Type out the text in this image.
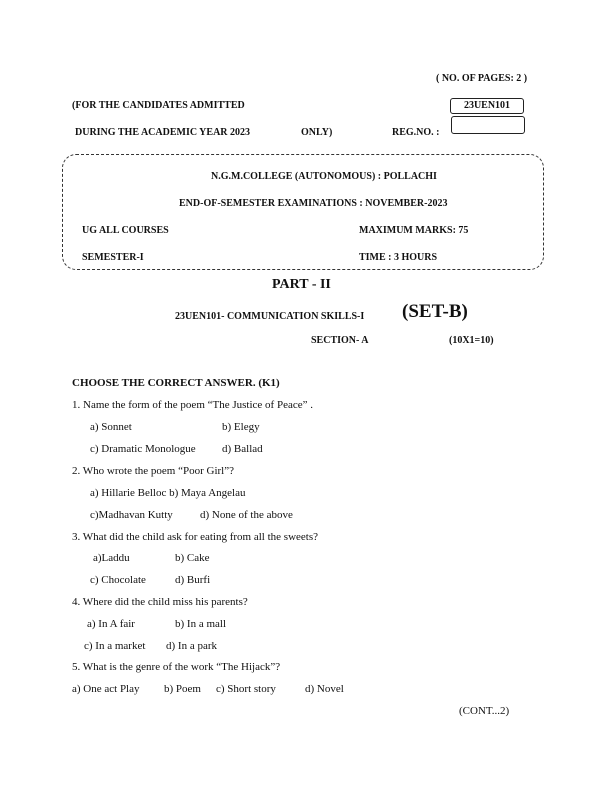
( NO. OF PAGES: 2 )
(FOR THE CANDIDATES ADMITTED	23UEN101
DURING THE ACADEMIC YEAR 2023	ONLY)	REG.NO. :
N.G.M.COLLEGE (AUTONOMOUS) : POLLACHI
END-OF-SEMESTER EXAMINATIONS : NOVEMBER-2023
UG ALL COURSES	MAXIMUM MARKS: 75
SEMESTER-I	TIME : 3 HOURS
PART - II
23UEN101- COMMUNICATION SKILLS-I (SET-B)
SECTION- A	(10X1=10)
CHOOSE THE CORRECT ANSWER. (K1)
1. Name the form of the poem “The Justice of Peace” .
a) Sonnet	b) Elegy
c) Dramatic Monologue d) Ballad
2. Who wrote the poem “Poor Girl”?
a) Hillarie Belloc b) Maya Angelau
c)Madhavan Kutty d) None of the above
3. What did the child ask for eating from all the sweets?
a)Laddu	b) Cake
c) Chocolate	d) Burfi
4. Where did the child miss his parents?
a) In A fair	b) In a mall
c) In a market d) In a park
5. What is the genre of the work “The Hijack”?
a) One act Play b) Poem c) Short story	d) Novel
(CONT...2)
